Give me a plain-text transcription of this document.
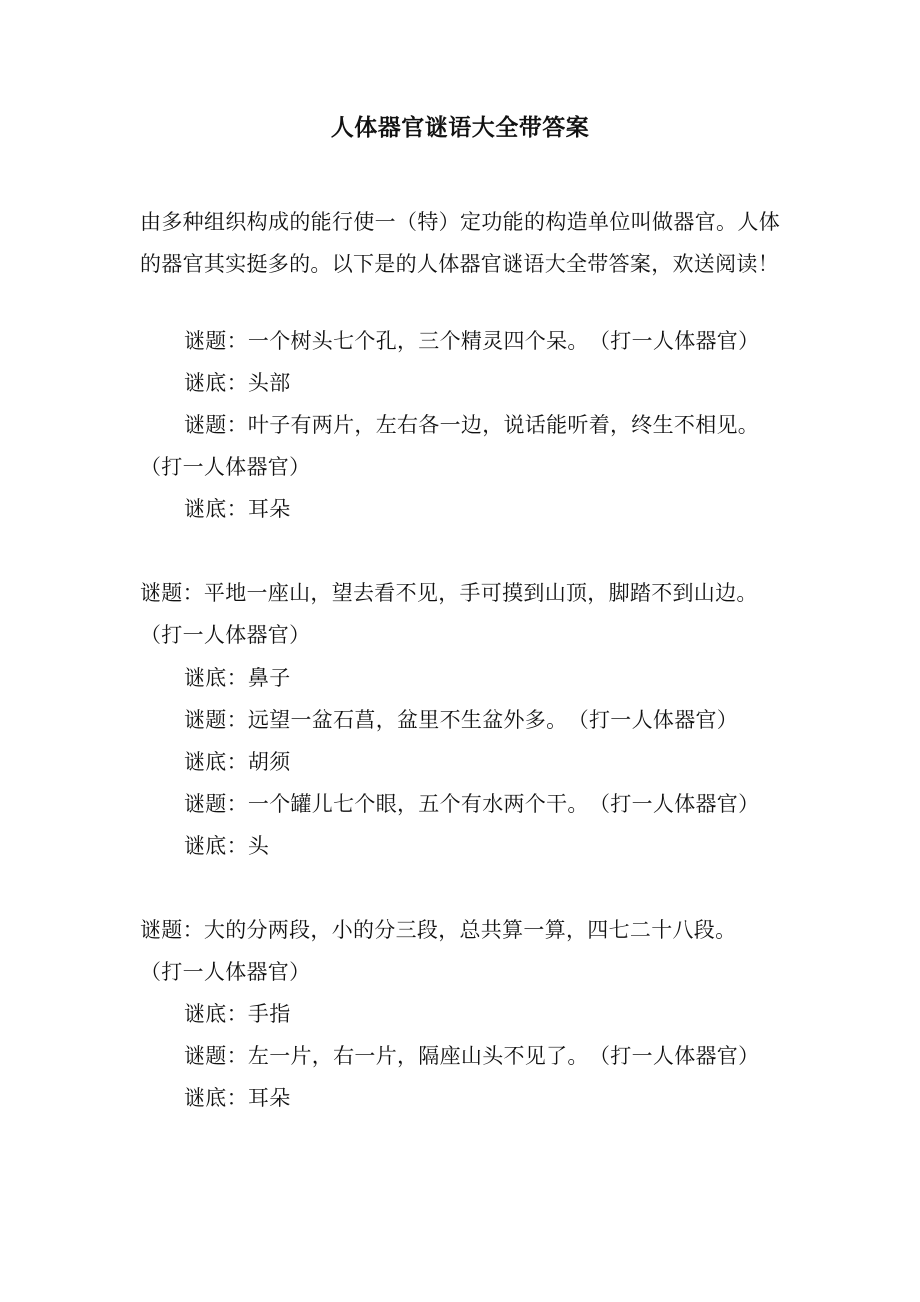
人体器官谜语大全带答案
由多种组织构成的能行使一（特）定功能的构造单位叫做器官。人体的器官其实挺多的。以下是的人体器官谜语大全带答案，欢送阅读！
谜题：一个树头七个孔，三个精灵四个呆。　（打一人体器官）
谜底：头部
谜题：叶子有两片，左右各一边，说话能听着，终生不相见。
（打一人体器官）
谜底：耳朵
谜题：平地一座山，望去看不见，手可摸到山顶，脚踏不到山边。
（打一人体器官）
谜底：鼻子
谜题：远望一盆石菖，盆里不生盆外多。　（打一人体器官）
谜底：胡须
谜题：一个罐儿七个眼，五个有水两个干。　（打一人体器官）
谜底：头
谜题：大的分两段，小的分三段，总共算一算，四七二十八段。
（打一人体器官）
谜底：手指
谜题：左一片，右一片，隔座山头不见了。　（打一人体器官）
谜底：耳朵
